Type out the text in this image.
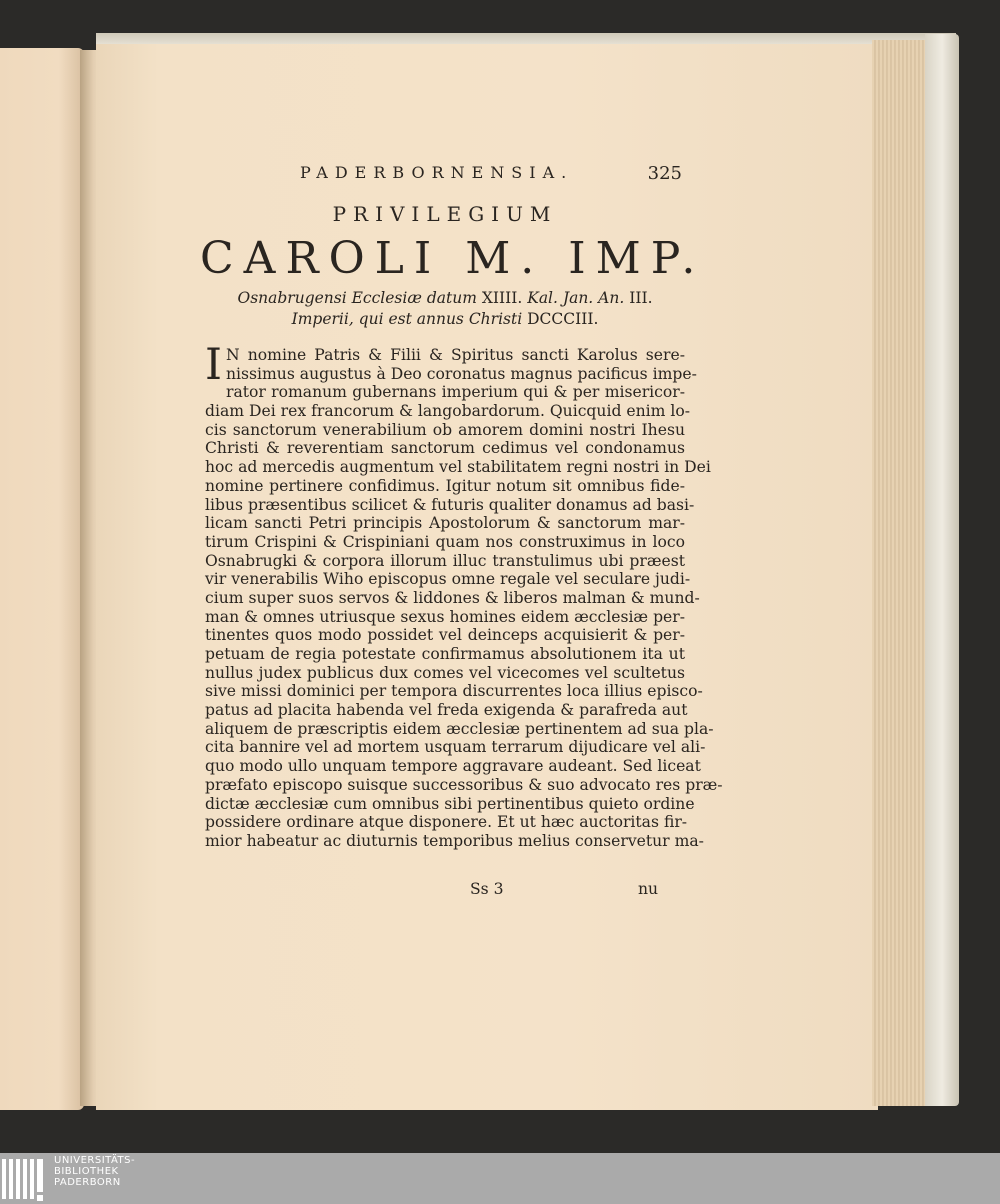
PADERBORNENSIA.	325
PRIVILEGIUM
CAROLI M. IMP.
Osnabrugensi Ecclesiæ datum XIIII. Kal. Jan. An. III.
Imperii, qui est annus Christi DCCCIII.
I N nomine Patris & Filii & Spiritus sancti Karolus sere-
nissimus augustus à Deo coronatus magnus pacificus impe-
rator romanum gubernans imperium qui & per misericor-
diam Dei rex francorum & langobardorum. Quicquid enim lo-
cis sanctorum venerabilium ob amorem domini nostri Ihesu
Christi & reverentiam sanctorum cedimus vel condonamus
hoc ad mercedis augmentum vel stabilitatem regni nostri in Dei
nomine pertinere confidimus. Igitur notum sit omnibus fide-
libus præsentibus scilicet & futuris qualiter donamus ad basi-
licam sancti Petri principis Apostolorum & sanctorum mar-
tirum Crispini & Crispiniani quam nos construximus in loco
Osnabrugki & corpora illorum illuc transtulimus ubi præest
vir venerabilis Wiho episcopus omne regale vel seculare judi-
cium super suos servos & liddones & liberos malman & mund-
man & omnes utriusque sexus homines eidem æcclesiæ per-
tinentes quos modo possidet vel deinceps acquisierit & per-
petuam de regia potestate confirmamus absolutionem ita ut
nullus judex publicus dux comes vel vicecomes vel scultetus
sive missi dominici per tempora discurrentes loca illius episco-
patus ad placita habenda vel freda exigenda & parafreda aut
aliquem de præscriptis eidem æcclesiæ pertinentem ad sua pla-
cita bannire vel ad mortem usquam terrarum dijudicare vel ali-
quo modo ullo unquam tempore aggravare audeant. Sed liceat
præfato episcopo suisque successoribus & suo advocato res præ-
dictæ æcclesiæ cum omnibus sibi pertinentibus quieto ordine
possidere ordinare atque disponere. Et ut hæc auctoritas fir-
mior habeatur ac diuturnis temporibus melius conservetur ma-
Ss 3	nu
UNIVERSITÄTS-
BIBLIOTHEK
PADERBORN
